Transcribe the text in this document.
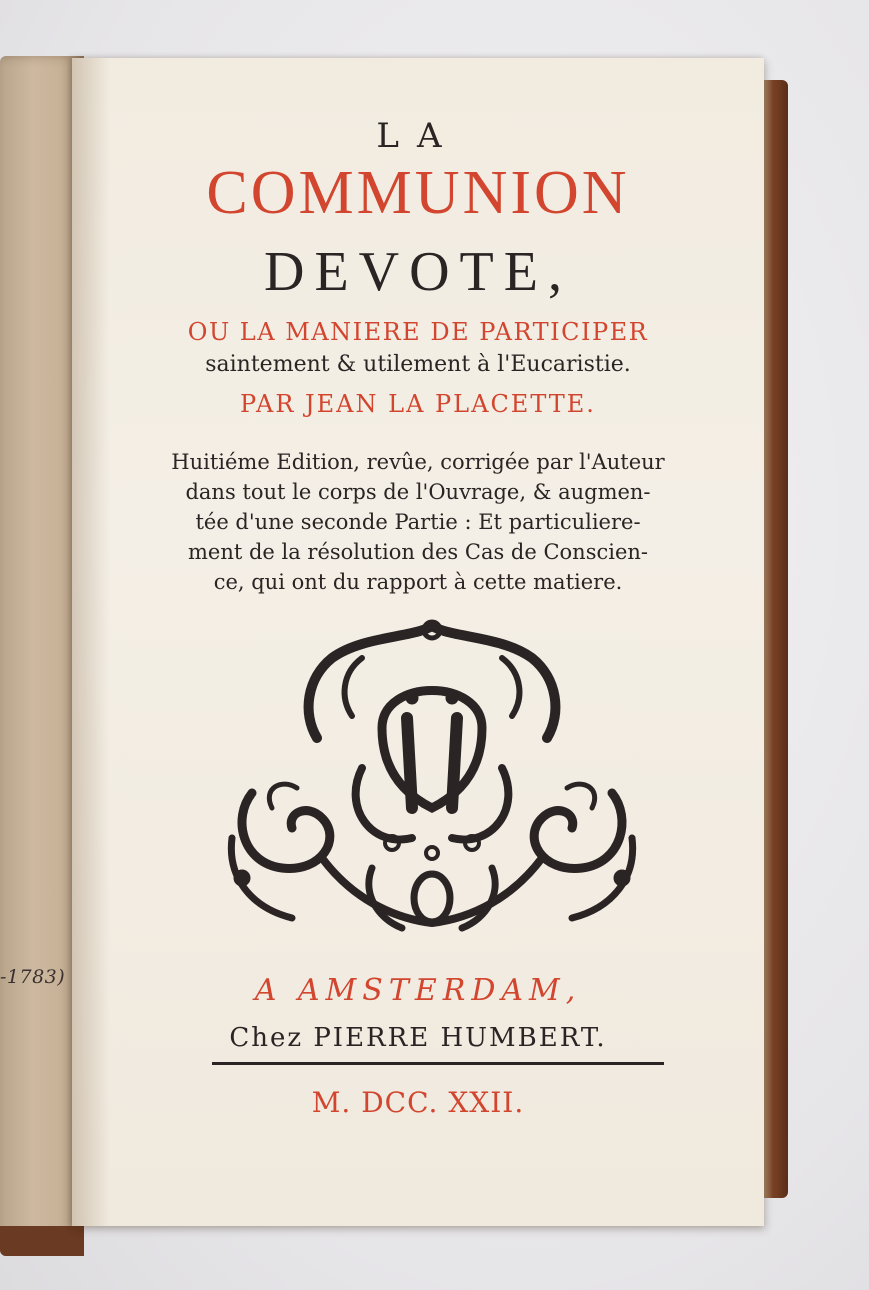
-1783)
LA
COMMUNION
DEVOTE,
OU LA MANIERE DE PARTICIPER
saintement & utilement à l'Eucaristie.
PAR JEAN LA PLACETTE.
Huitiéme Edition, revûe, corrigée par l'Auteur
dans tout le corps de l'Ouvrage, & augmen-
tée d'une seconde Partie : Et particuliere-
ment de la résolution des Cas de Conscien-
ce, qui ont du rapport à cette matiere.
A AMSTERDAM,
Chez PIERRE HUMBERT.
M. DCC. XXII.
